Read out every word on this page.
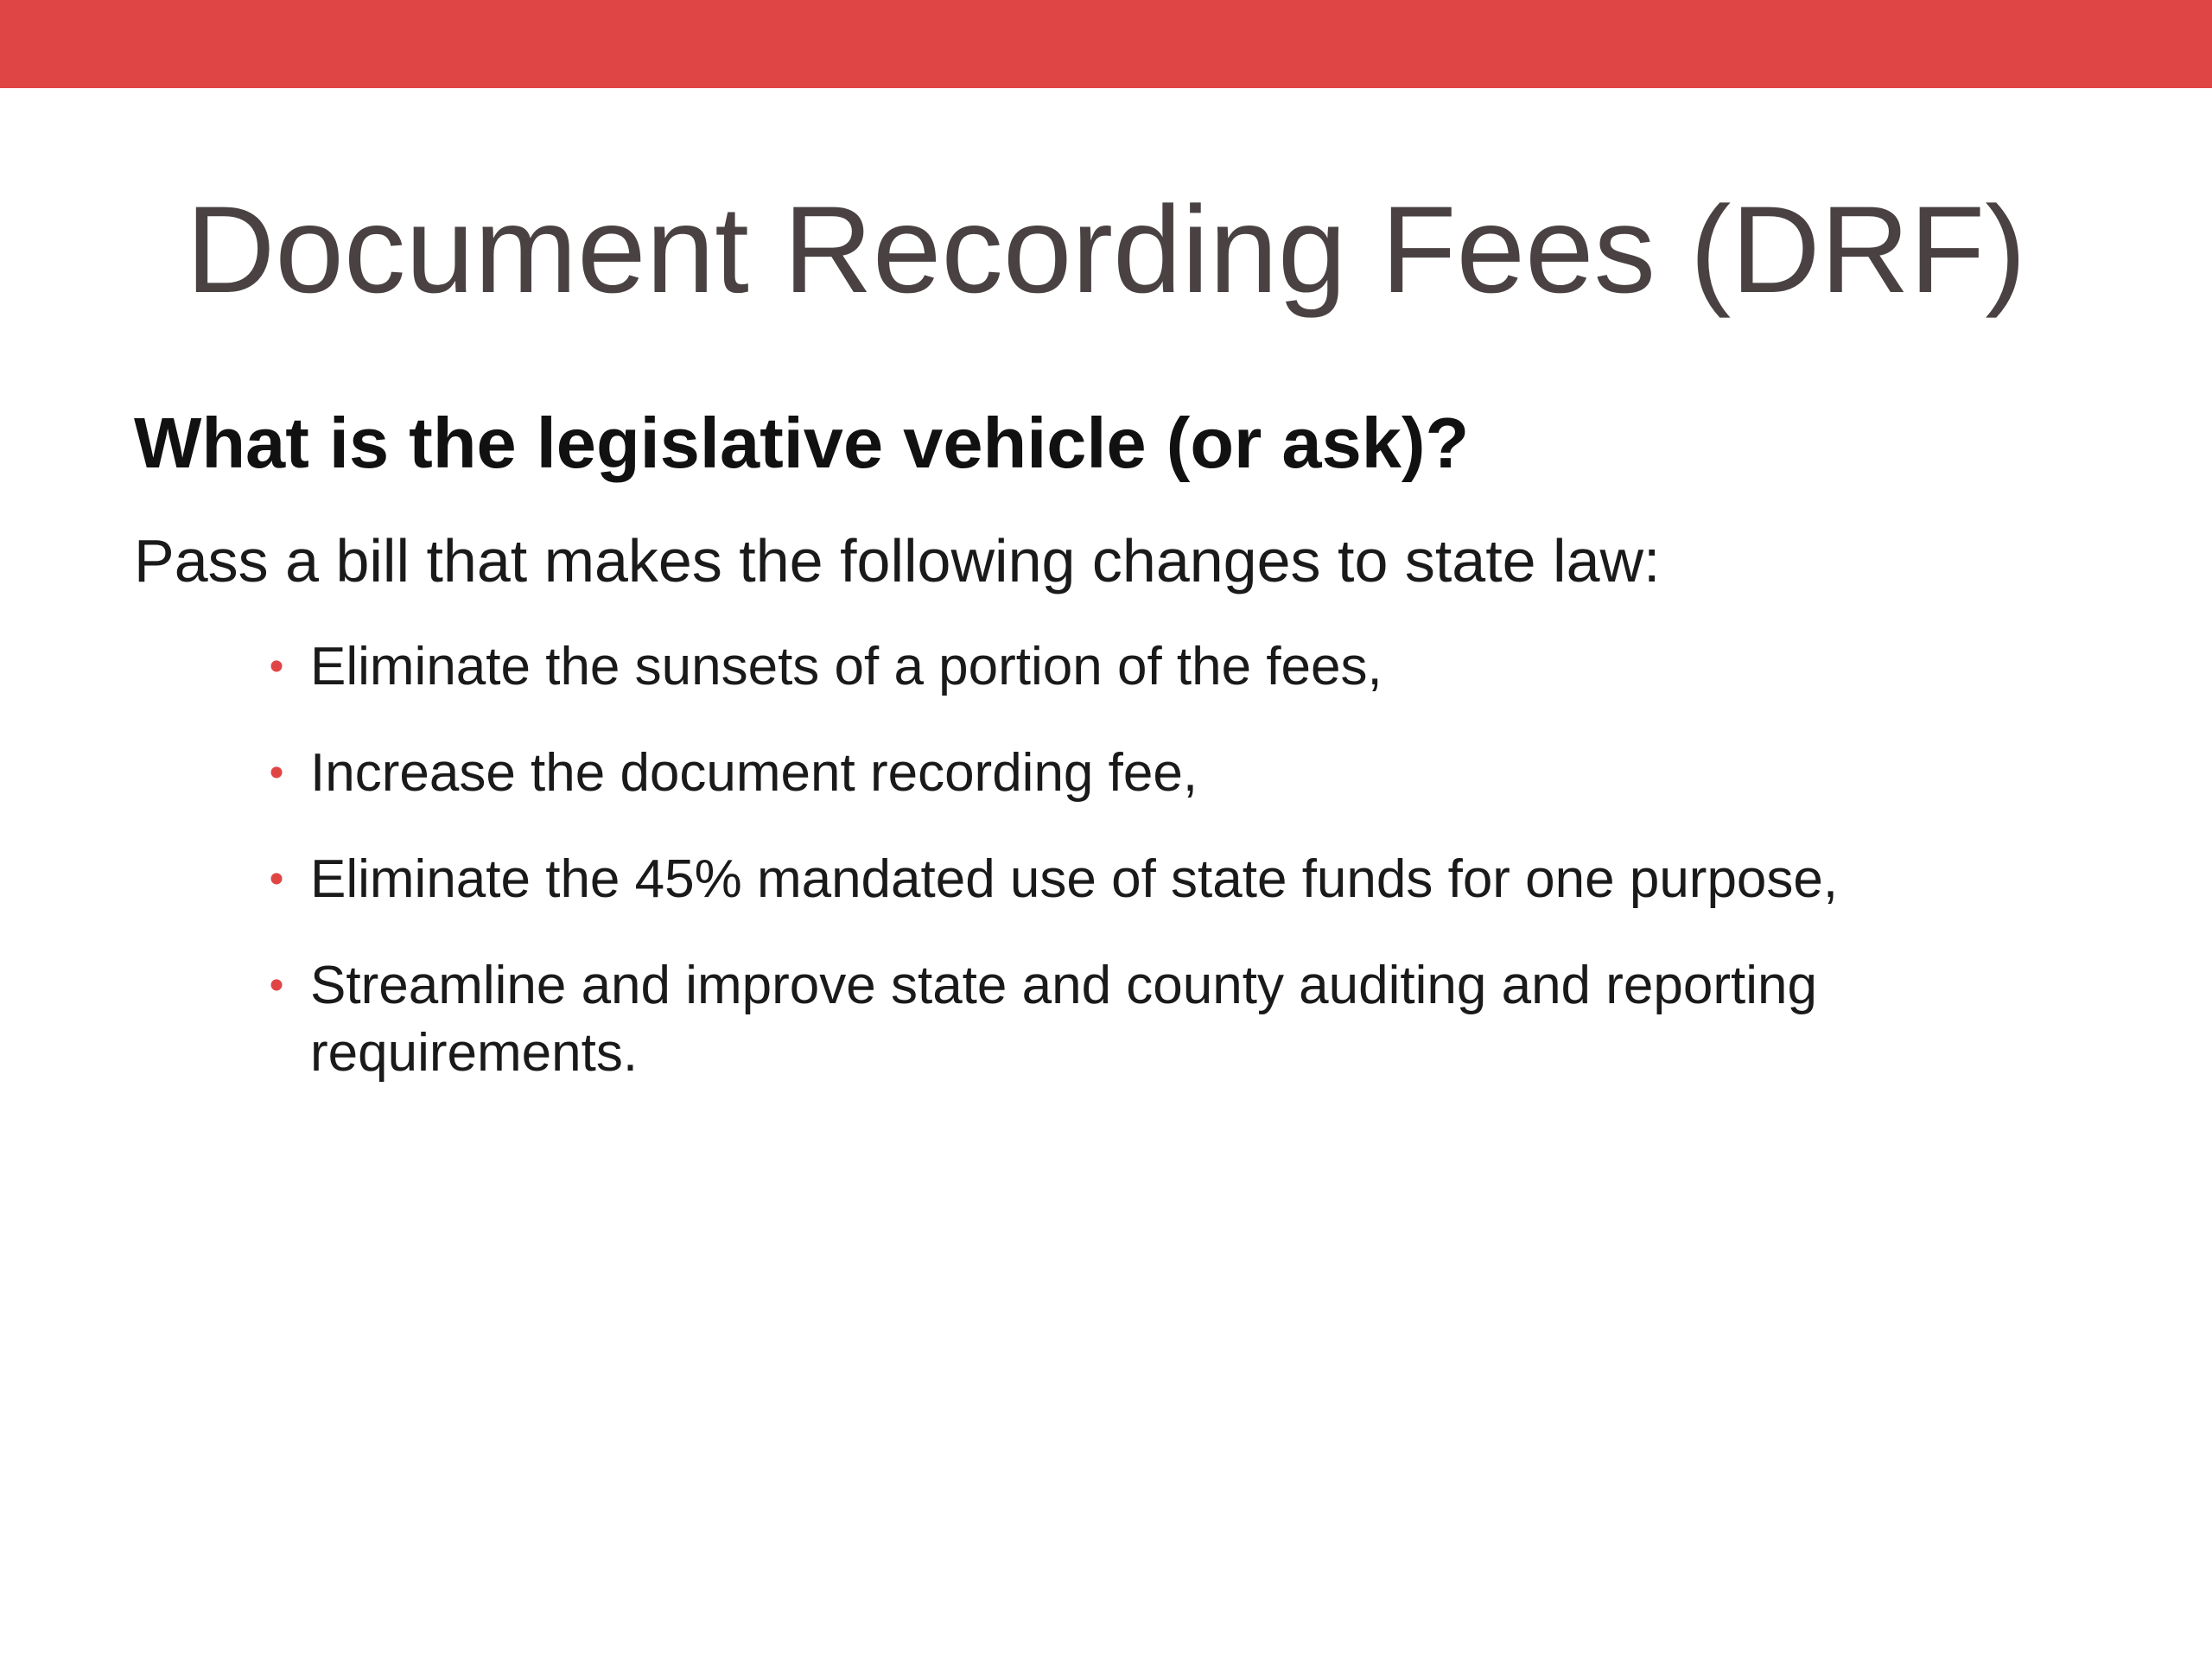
Document Recording Fees (DRF)

What is the legislative vehicle (or ask)?

Pass a bill that makes the following changes to state law:

• Eliminate the sunsets of a portion of the fees,
• Increase the document recording fee,
• Eliminate the 45% mandated use of state funds for one purpose,
• Streamline and improve state and county auditing and reporting requirements.
